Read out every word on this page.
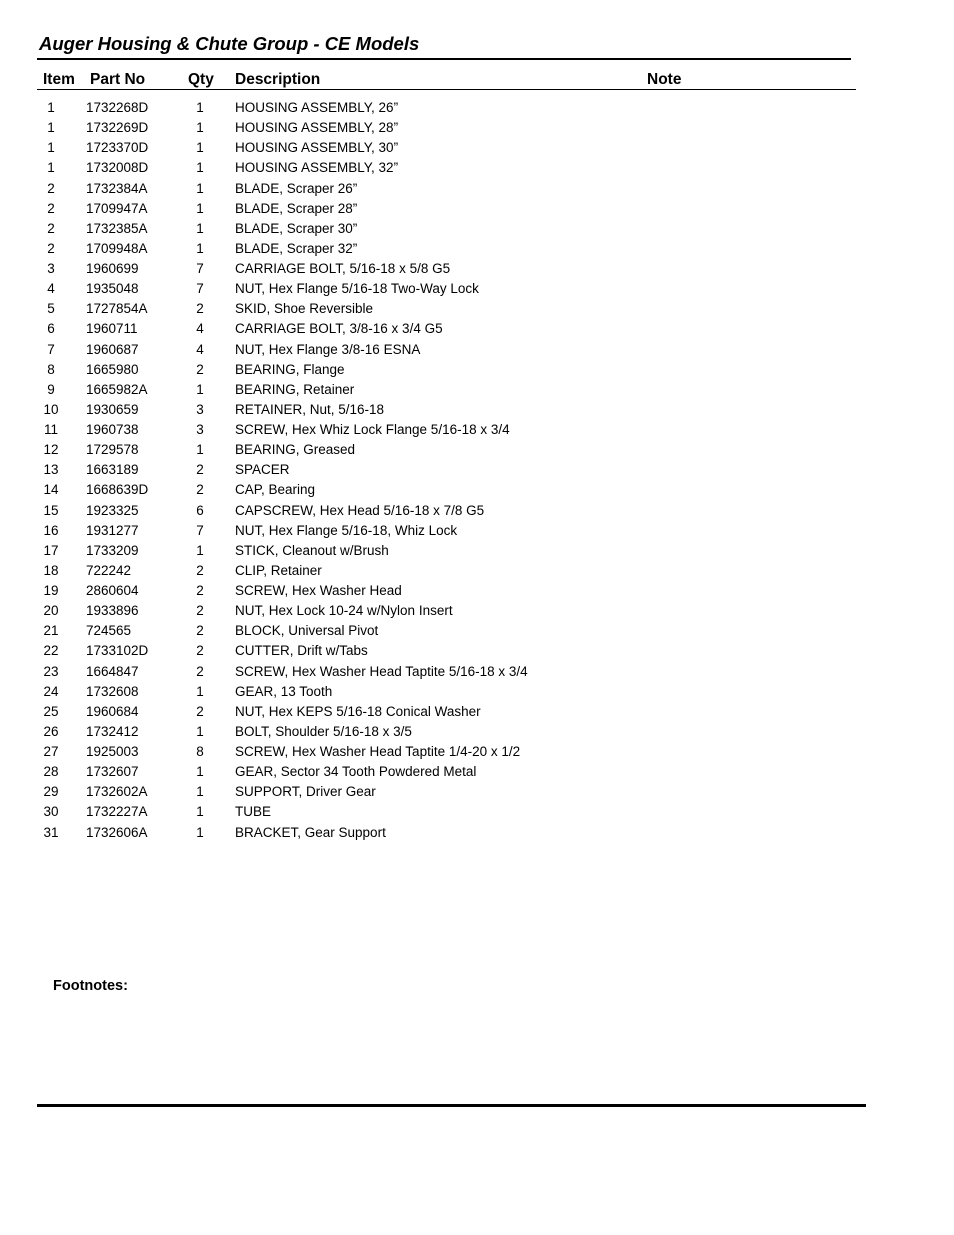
Auger Housing & Chute Group - CE Models
Item Part No	Qty Description	Note
1	1732268D	1	HOUSING ASSEMBLY, 26”
1	1732269D	1	HOUSING ASSEMBLY, 28”
1	1723370D	1	HOUSING ASSEMBLY, 30”
1	1732008D	1	HOUSING ASSEMBLY, 32”
2	1732384A	1	BLADE, Scraper 26”
2	1709947A	1	BLADE, Scraper 28”
2	1732385A	1	BLADE, Scraper 30”
2	1709948A	1	BLADE, Scraper 32”
3	1960699	7	CARRIAGE BOLT, 5/16-18 x 5/8 G5
4	1935048	7	NUT, Hex Flange 5/16-18 Two-Way Lock
5	1727854A	2	SKID, Shoe Reversible
6	1960711	4	CARRIAGE BOLT, 3/8-16 x 3/4 G5
7	1960687	4	NUT, Hex Flange 3/8-16 ESNA
8	1665980	2	BEARING, Flange
9	1665982A	1	BEARING, Retainer
10 1930659	3	RETAINER, Nut, 5/16-18
11 1960738	3	SCREW, Hex Whiz Lock Flange 5/16-18 x 3/4
12 1729578	1	BEARING, Greased
13 1663189	2	SPACER
14 1668639D	2	CAP, Bearing
15 1923325	6	CAPSCREW, Hex Head 5/16-18 x 7/8 G5
16 1931277	7	NUT, Hex Flange 5/16-18, Whiz Lock
17 1733209	1	STICK, Cleanout w/Brush
18 722242	2	CLIP, Retainer
19 2860604	2	SCREW, Hex Washer Head
20 1933896	2	NUT, Hex Lock 10-24 w/Nylon Insert
21 724565	2	BLOCK, Universal Pivot
22 1733102D	2	CUTTER, Drift w/Tabs
23 1664847	2	SCREW, Hex Washer Head Taptite 5/16-18 x 3/4
24 1732608	1	GEAR, 13 Tooth
25 1960684	2	NUT, Hex KEPS 5/16-18 Conical Washer
26 1732412	1	BOLT, Shoulder 5/16-18 x 3/5
27 1925003	8	SCREW, Hex Washer Head Taptite 1/4-20 x 1/2
28 1732607	1	GEAR, Sector 34 Tooth Powdered Metal
29 1732602A	1	SUPPORT, Driver Gear
30 1732227A	1	TUBE
31 1732606A	1	BRACKET, Gear Support
Footnotes:
